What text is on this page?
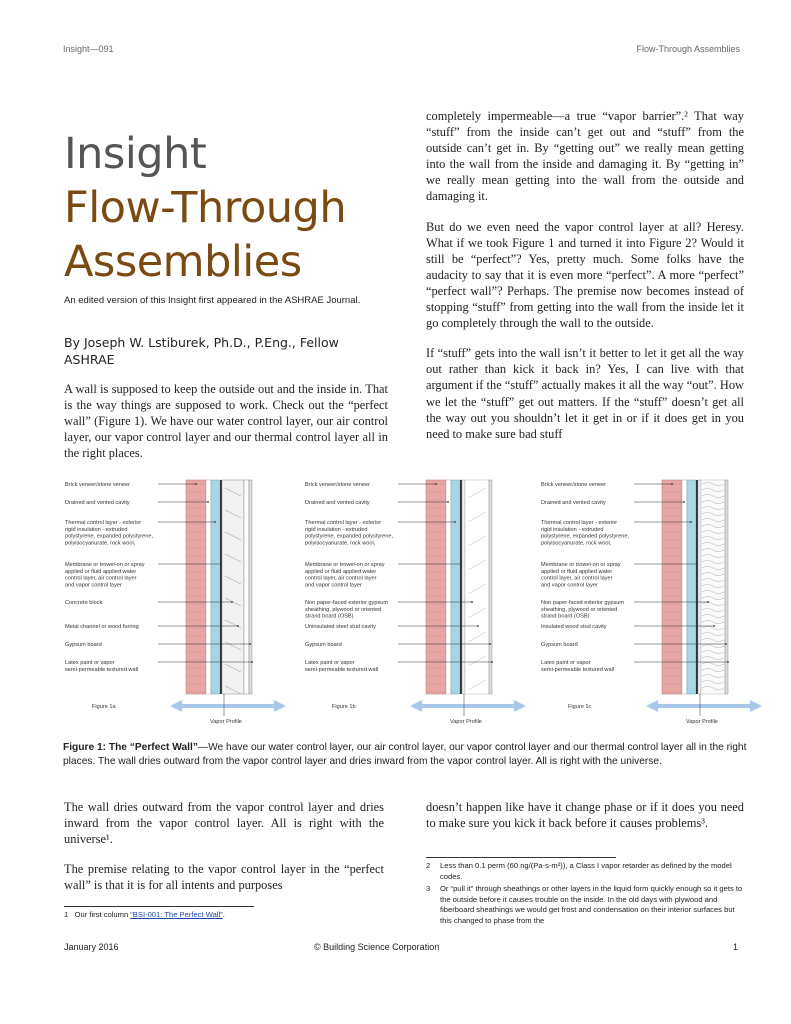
Insight—091	Flow-Through Assemblies
Insight
Flow-Through
Assemblies
An edited version of this Insight first appeared in the ASHRAE Journal.
By Joseph W. Lstiburek, Ph.D., P.Eng., Fellow ASHRAE

A wall is supposed to keep the outside out and the inside in. That is the way things are supposed to work. Check out the “perfect wall” (Figure 1). We have our water control layer, our air control layer, our vapor control layer and our thermal control layer all in the right places.

completely impermeable—a true “vapor barrier”.² That way “stuff” from the inside can’t get out and “stuff” from the outside can’t get in. By “getting out” we really mean getting into the wall from the inside and damaging it. By “getting in” we really mean getting into the wall from the outside and damaging it.

But do we even need the vapor control layer at all? Heresy. What if we took Figure 1 and turned it into Figure 2? Would it still be “perfect”? Yes, pretty much. Some folks have the audacity to say that it is even more “perfect”. A more “perfect” “perfect wall”? Perhaps. The premise now becomes instead of stopping “stuff” from getting into the wall from the inside let it go completely through the wall to the outside.

If “stuff” gets into the wall isn’t it better to let it get all the way out rather than kick it back in? Yes, I can live with that argument if the “stuff” actually makes it all the way “out”. How we let the “stuff” get out matters. If the “stuff” doesn’t get all the way out you shouldn’t let it get in or if it does get in you need to make sure bad stuff

Brick veneer/stone veneer
Drained and vented cavity
Thermal control layer - exterior
rigid insulation - extruded
polystyrene, expanded polystyrene,
polyisocyanurate, rock wool,
Membrane or trowel-on or spray
applied or fluid applied water
control layer, air control layer
and vapor control layer
Concrete block
Metal channel or wood furring
Gypsum board
Latex paint or vapor
semi-permeable textured wall
Figure 1a
Vapor Profile
Brick veneer/stone veneer
Drained and vented cavity
Thermal control layer - exterior
rigid insulation - extruded
polystyrene, expanded polystyrene,
polyisocyanurate, rock wool,
Membrane or trowel-on or spray
applied or fluid applied water
control layer, air control layer
and vapor control layer
Non paper-faced exterior gypsum
sheathing, plywood or oriented
strand board (OSB)
Uninsulated steel stud cavity
Gypsum board
Latex paint or vapor
semi-permeable textured wall
Figure 1b
Vapor Profile
Brick veneer/stone veneer
Drained and vented cavity
Thermal control layer - exterior
rigid insulation - extruded
polystyrene, expanded polystyrene,
polyisocyanurate, rock wool,
Membrane or trowel-on or spray
applied or fluid applied water
control layer, air control layer
and vapor control layer
Non paper-faced exterior gypsum
sheathing, plywood or oriented
strand board (OSB)
Insulated wood stud cavity
Gypsum board
Latex paint or vapor
semi-permeable textured wall
Figure 1c
Vapor Profile
Figure 1: The “Perfect Wall”—We have our water control layer, our air control layer, our vapor control layer and our thermal control layer all in the right places. The wall dries outward from the vapor control layer and dries inward from the vapor control layer. All is right with the universe.

The wall dries outward from the vapor control layer and dries inward from the vapor control layer. All is right with the universe¹.

The premise relating to the vapor control layer in the “perfect wall” is that it is for all intents and purposes

doesn’t happen like have it change phase or if it does you need to make sure you kick it back before it causes problems³.

1 Our first column “BSI-001: The Perfect Wall”.
2	Less than 0.1 perm (60 ng/(Pa-s-m²)), a Class I vapor retarder as defined by the model codes.
3	Or “pull it” through sheathings or other layers in the liquid form quickly enough so it gets to the outside before it causes trouble on the inside. In the old days with plywood and fiberboard sheathings we would get frost and condensation on their interior surfaces but this changed to phase from the
January 2016	© Building Science Corporation	1
